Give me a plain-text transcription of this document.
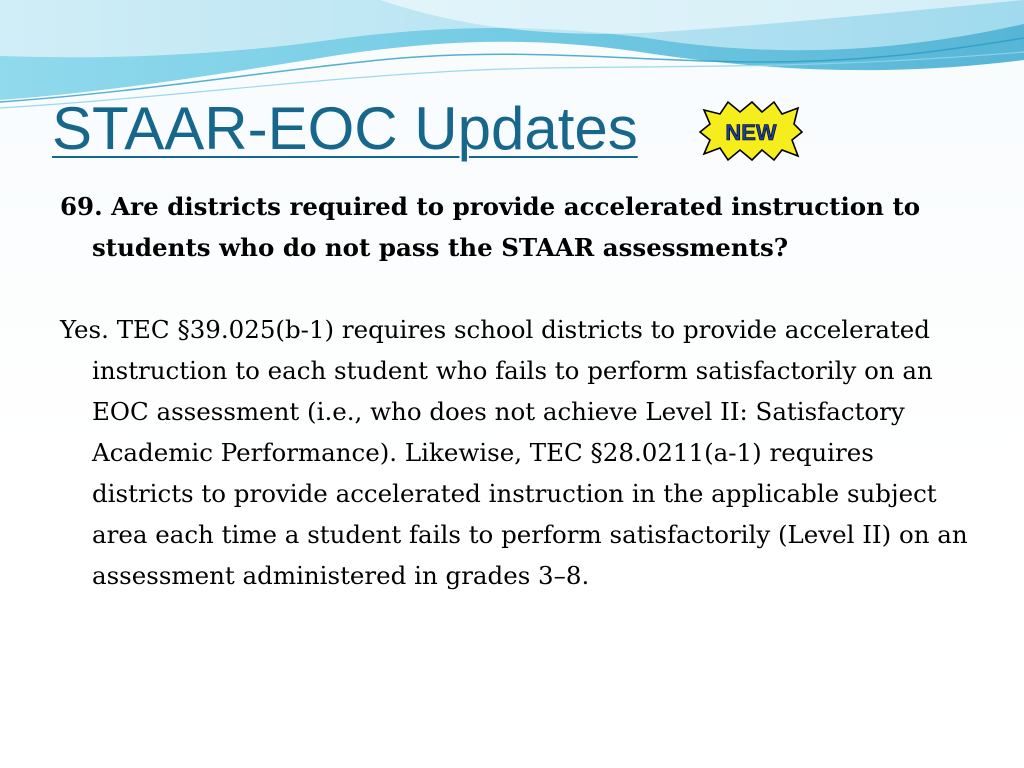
STAAR-EOC Updates	NEW

69. Are districts required to provide accelerated instruction to students who do not pass the STAAR assessments?

Yes. TEC §39.025(b-1) requires school districts to provide accelerated instruction to each student who fails to perform satisfactorily on an EOC assessment (i.e., who does not achieve Level II: Satisfactory Academic Performance). Likewise, TEC §28.0211(a-1) requires districts to provide accelerated instruction in the applicable subject area each time a student fails to perform satisfactorily (Level II) on an assessment administered in grades 3–8.
